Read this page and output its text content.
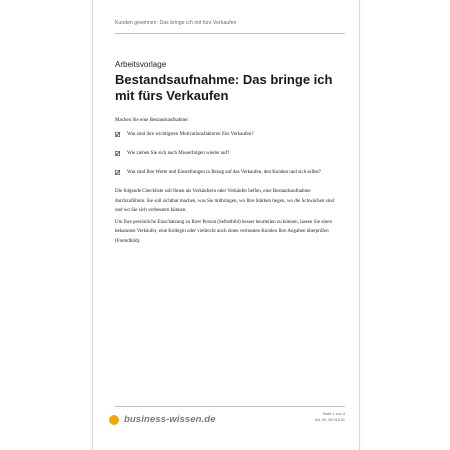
Kunden gewinnen: Das bringe ich mit fürs Verkaufen
Arbeitsvorlage
Bestandsaufnahme: Das bringe ich mit fürs Verkaufen

Machen Sie eine Bestandsaufnahme:

Was sind ihre wichtigsten Motivationsfaktoren fürs Verkaufen?
Wie ziehen Sie sich nach Misserfolgen wieder auf?
Was sind Ihre Werte und Einstellungen in Bezug auf das Verkaufen, den Kunden und sich selbst?

Die folgende Checkliste soll Ihnen als Verkäuferin oder Verkäufer helfen, eine Bestandsaufnahme durchzuführen. Sie soll sichtbar machen, was Sie mitbringen, wo Ihre Stärken liegen, wo die Schwächen sind und wo Sie sich verbessern können.

Um Ihre persönliche Einschätzung zu Ihrer Person (Selbstbild) besser beurteilen zu können, lassen Sie einen bekannten Verkäufer, eine Kollegin oder vielleicht auch einen vertrauten Kunden Ihre Angaben überprüfen (Fremdbild).

business-wissen.de	Seite 1 von 3
Art.-Nr. 06.016.01
